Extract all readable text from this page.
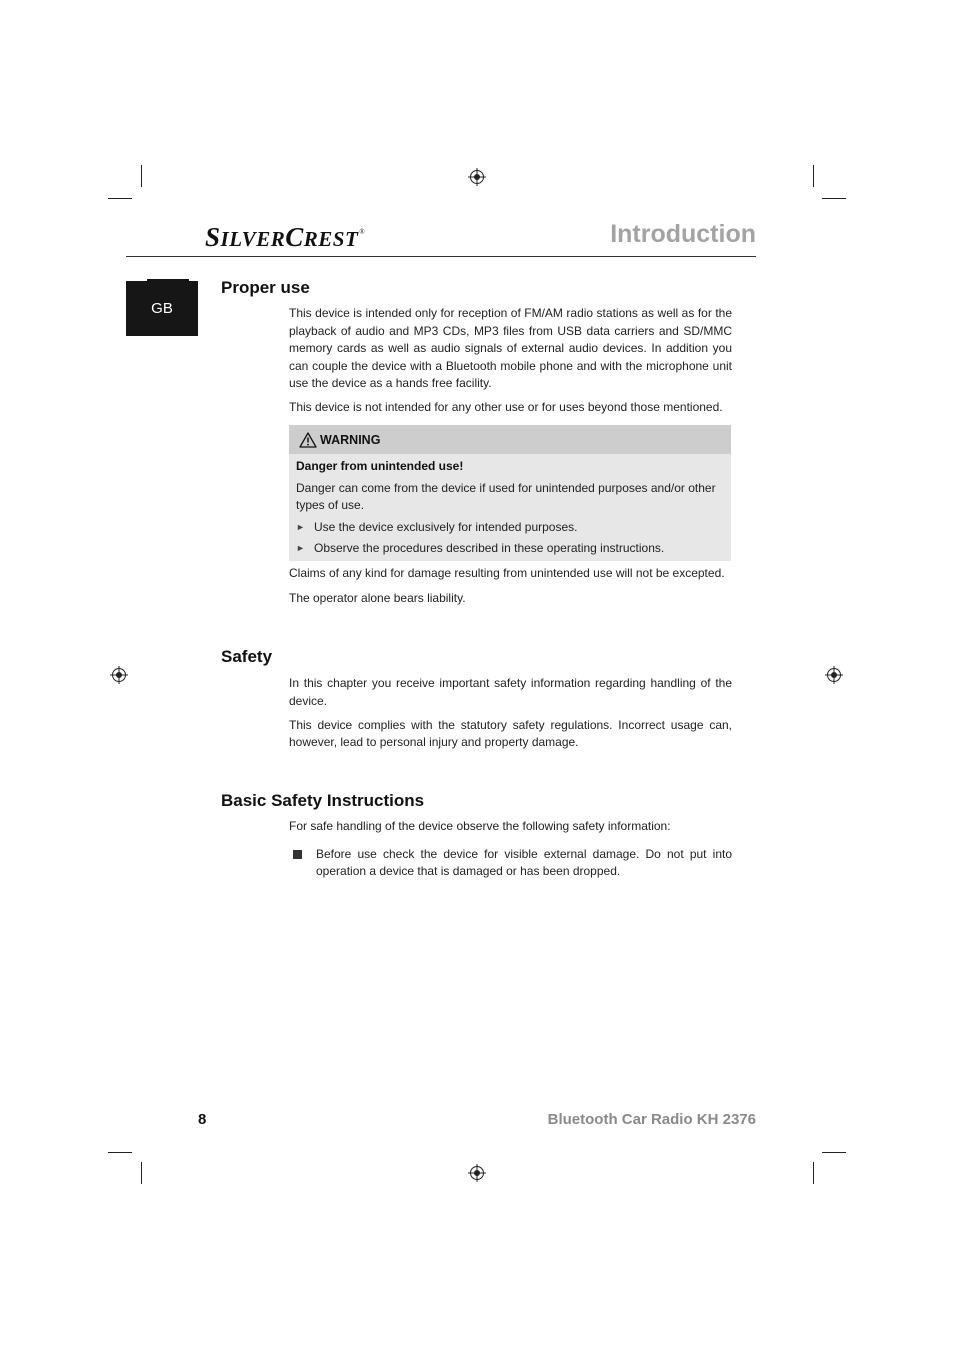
SILVERCREST®	Introduction
GB
Proper use

This device is intended only for reception of FM/AM radio stations as well as for the playback of audio and MP3 CDs, MP3 files from USB data carriers and SD/MMC memory cards as well as audio signals of external audio devices. In addition you can couple the device with a Bluetooth mobile phone and with the microphone unit use the device as a hands free facility.

This device is not intended for any other use or for uses beyond those mentioned.

WARNING
Danger from unintended use!
Danger can come from the device if used for unintended purposes and/or other types of use.
► Use the device exclusively for intended purposes.
► Observe the procedures described in these operating instructions.

Claims of any kind for damage resulting from unintended use will not be excepted.

The operator alone bears liability.

Safety

In this chapter you receive important safety information regarding handling of the device.

This device complies with the statutory safety regulations. Incorrect usage can, however, lead to personal injury and property damage.

Basic Safety Instructions

For safe handling of the device observe the following safety information:

Before use check the device for visible external damage. Do not put into operation a device that is damaged or has been dropped.
8	Bluetooth Car Radio KH 2376
